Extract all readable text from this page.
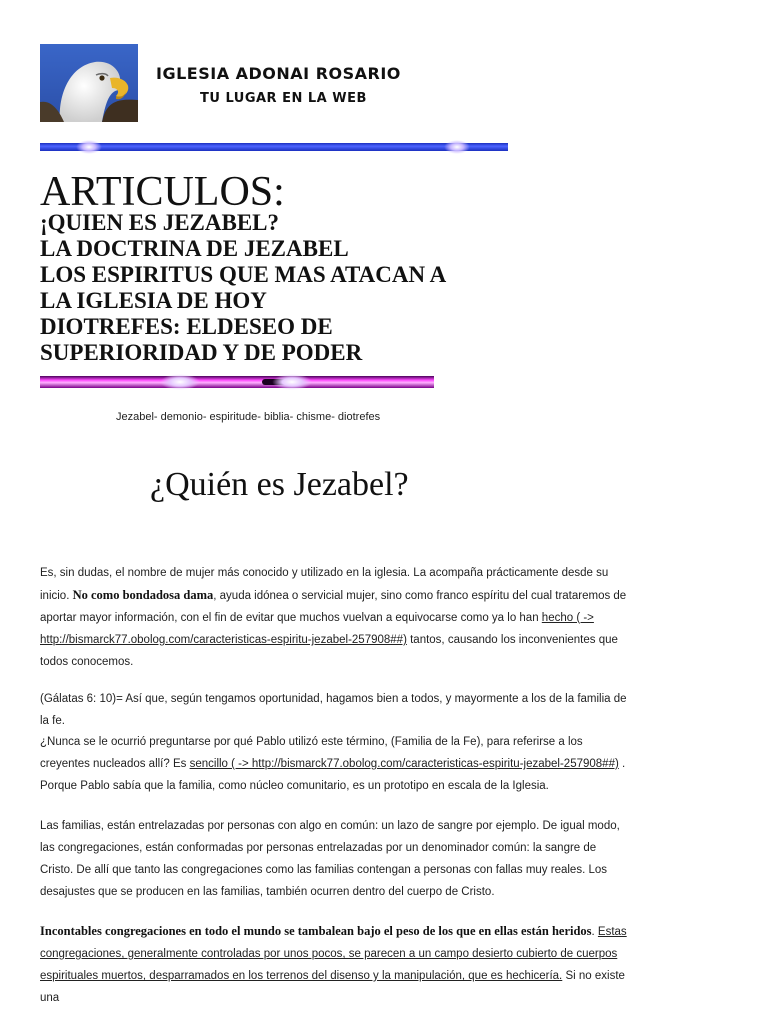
IGLESIA ADONAI ROSARIO
TU LUGAR EN LA WEB
ARTICULOS:
¡QUIEN ES JEZABEL?
LA DOCTRINA DE JEZABEL
LOS ESPIRITUS QUE MAS ATACAN A LA IGLESIA DE HOY
DIOTREFES: ELDESEO DE SUPERIORIDAD Y DE PODER
Jezabel- demonio- espiritude- biblia- chisme- diotrefes
¿Quién es Jezabel?

Es, sin dudas, el nombre de mujer más conocido y utilizado en la iglesia. La acompaña prácticamente desde su inicio. No como bondadosa dama, ayuda idónea o servicial mujer, sino como franco espíritu del cual trataremos de aportar mayor información, con el fin de evitar que muchos vuelvan a equivocarse como ya lo han hecho ( -> http://bismarck77.obolog.com/caracteristicas-espiritu-jezabel-257908##) tantos, causando los inconvenientes que todos conocemos.

(Gálatas 6: 10)= Así que, según tengamos oportunidad, hagamos bien a todos, y mayormente a los de la familia de la fe.

¿Nunca se le ocurrió preguntarse por qué Pablo utilizó este término, (Familia de la Fe), para referirse a los creyentes nucleados allí? Es sencillo ( -> http://bismarck77.obolog.com/caracteristicas-espiritu-jezabel-257908##) . Porque Pablo sabía que la familia, como núcleo comunitario, es un prototipo en escala de la Iglesia.

Las familias, están entrelazadas por personas con algo en común: un lazo de sangre por ejemplo. De igual modo, las congregaciones, están conformadas por personas entrelazadas por un denominador común: la sangre de Cristo. De allí que tanto las congregaciones como las familias contengan a personas con fallas muy reales. Los desajustes que se producen en las familias, también ocurren dentro del cuerpo de Cristo.

Incontables congregaciones en todo el mundo se tambalean bajo el peso de los que en ellas están heridos. Estas congregaciones, generalmente controladas por unos pocos, se parecen a un campo desierto cubierto de cuerpos espirituales muertos, desparramados en los terrenos del disenso y la manipulación, que es hechicería. Si no existe una
